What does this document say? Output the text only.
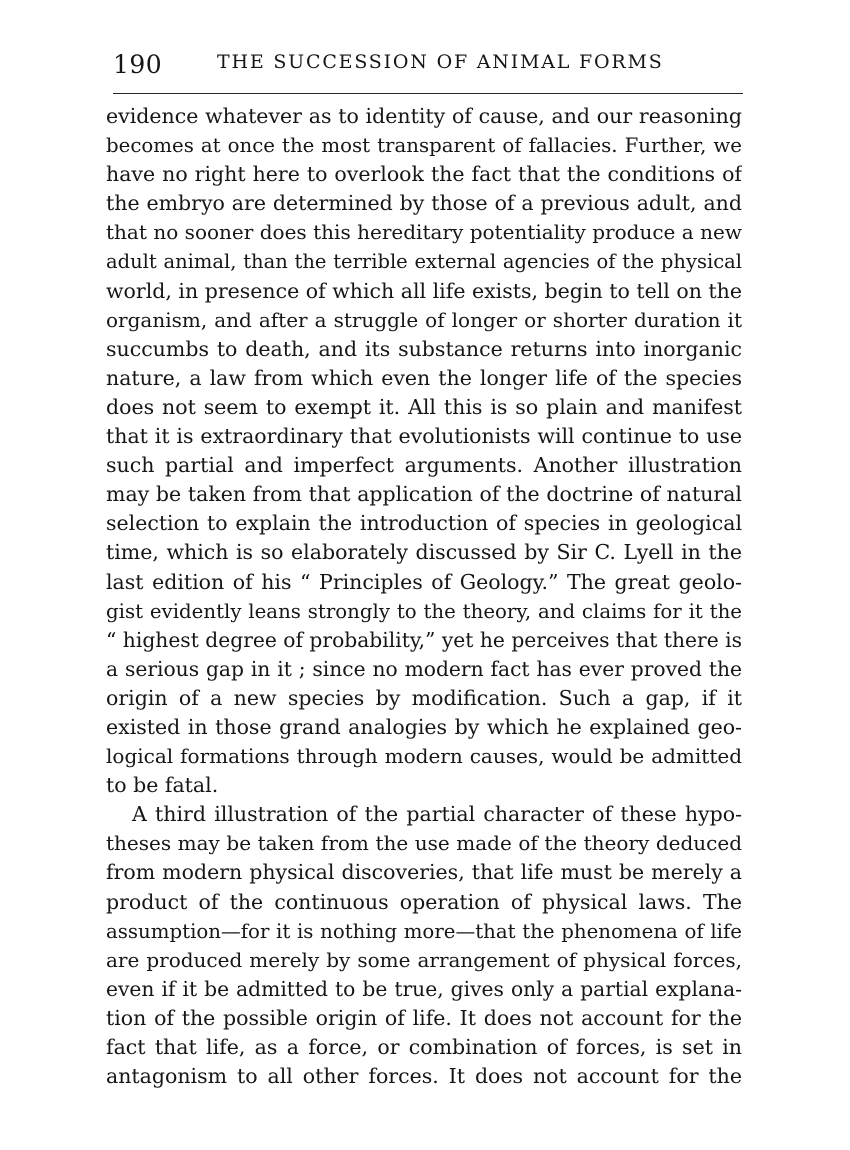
190	THE SUCCESSION OF ANIMAL FORMS
evidence whatever as to identity of cause, and our reasoning
becomes at once the most transparent of fallacies. Further, we
have no right here to overlook the fact that the conditions of
the embryo are determined by those of a previous adult, and
that no sooner does this hereditary potentiality produce a new
adult animal, than the terrible external agencies of the physical
world, in presence of which all life exists, begin to tell on the
organism, and after a struggle of longer or shorter duration it
succumbs to death, and its substance returns into inorganic
nature, a law from which even the longer life of the species
does not seem to exempt it. All this is so plain and manifest
that it is extraordinary that evolutionists will continue to use
such partial and imperfect arguments. Another illustration
may be taken from that application of the doctrine of natural
selection to explain the introduction of species in geological
time, which is so elaborately discussed by Sir C. Lyell in the
last edition of his “ Principles of Geology.” The great geolo-
gist evidently leans strongly to the theory, and claims for it the
“ highest degree of probability,” yet he perceives that there is
a serious gap in it ; since no modern fact has ever proved the
origin of a new species by modification. Such a gap, if it
existed in those grand analogies by which he explained geo-
logical formations through modern causes, would be admitted
to be fatal.
A third illustration of the partial character of these hypo-
theses may be taken from the use made of the theory deduced
from modern physical discoveries, that life must be merely a
product of the continuous operation of physical laws. The
assumption—for it is nothing more—that the phenomena of life
are produced merely by some arrangement of physical forces,
even if it be admitted to be true, gives only a partial explana-
tion of the possible origin of life. It does not account for the
fact that life, as a force, or combination of forces, is set in
antagonism to all other forces. It does not account for the
